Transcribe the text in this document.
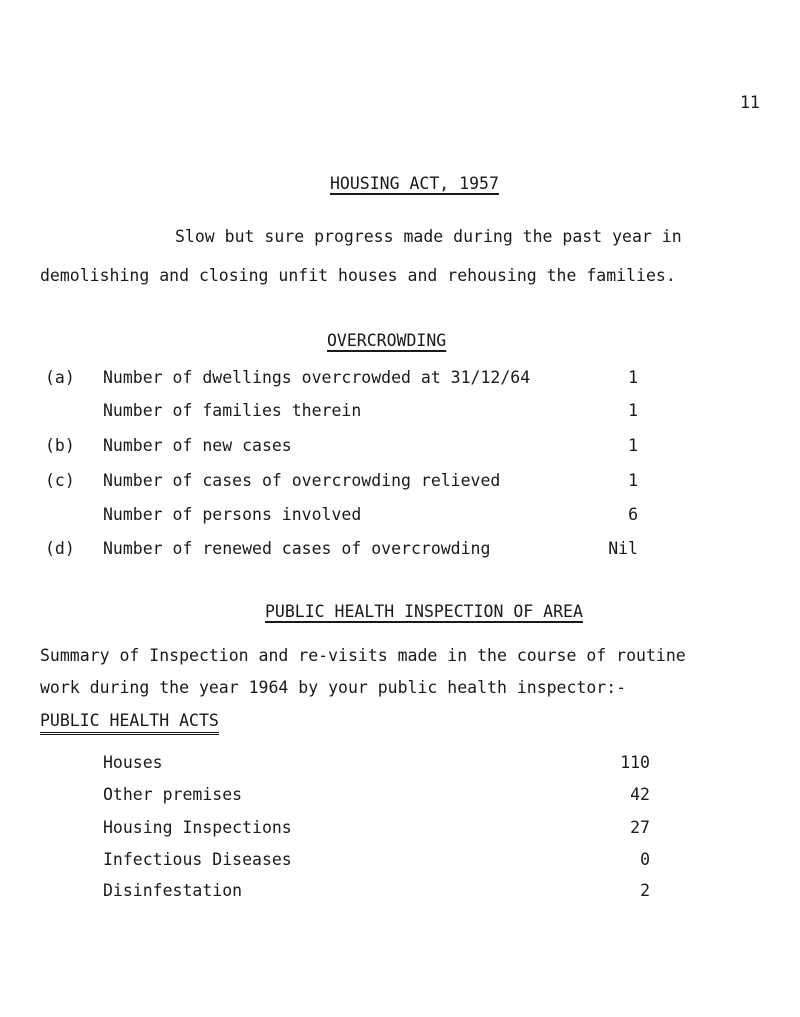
11
HOUSING ACT, 1957
Slow but sure progress made during the past year in
demolishing and closing unfit houses and rehousing the families.
OVERCROWDING
(a) Number of dwellings overcrowded at 31/12/64	1
Number of families therein	1
(b) Number of new cases	1
(c) Number of cases of overcrowding relieved	1
Number of persons involved	6
(d) Number of renewed cases of overcrowding	Nil
PUBLIC HEALTH INSPECTION OF AREA
Summary of Inspection and re-visits made in the course of routine
work during the year 1964 by your public health inspector:-
PUBLIC HEALTH ACTS
Houses	110
Other premises	42
Housing Inspections	27
Infectious Diseases	0
Disinfestation	2
